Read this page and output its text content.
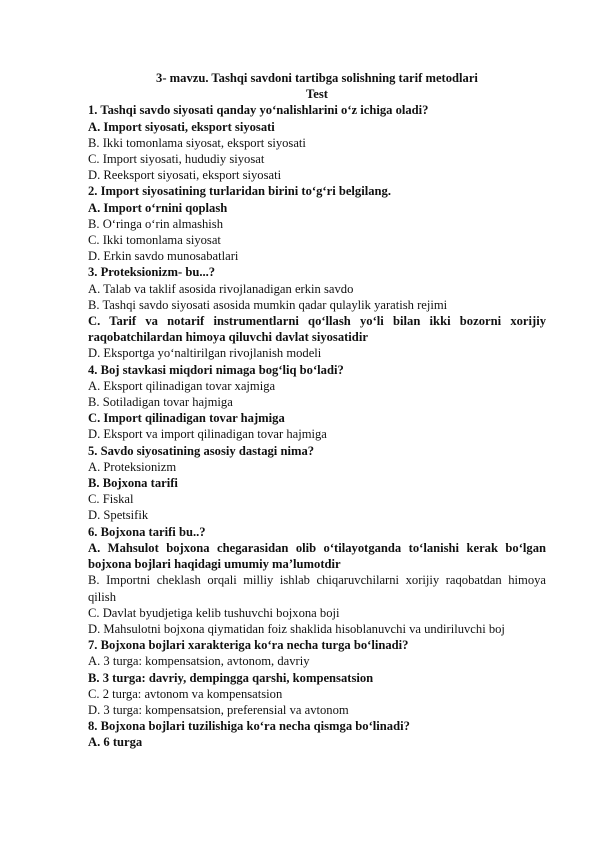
3- mavzu. Tashqi savdoni tartibga solishning tarif metodlari
Test
1. Tashqi savdo siyosati qanday yo‘nalishlarini o‘z ichiga oladi?
A. Import siyosati, eksport siyosati
B. Ikki tomonlama siyosat, eksport siyosati
C. Import siyosati, hududiy siyosat
D. Reeksport siyosati, eksport siyosati
2. Import siyosatining turlaridan birini to‘g‘ri belgilang.
A. Import o‘rnini qoplash
B. O‘ringa o‘rin almashish
C. Ikki tomonlama siyosat
D. Erkin savdo munosabatlari
3. Proteksionizm- bu...?
A. Talab va taklif asosida rivojlanadigan erkin savdo
B. Tashqi savdo siyosati asosida mumkin qadar qulaylik yaratish rejimi
C. Tarif va notarif instrumentlarni qo‘llash yo‘li bilan ikki bozorni xorijiy raqobatchilardan himoya qiluvchi davlat siyosatidir
D. Eksportga yo‘naltirilgan rivojlanish modeli
4. Boj stavkasi miqdori nimaga bog‘liq bo‘ladi?
A. Eksport qilinadigan tovar xajmiga
B. Sotiladigan tovar hajmiga
C. Import qilinadigan tovar hajmiga
D. Eksport va import qilinadigan tovar hajmiga
5. Savdo siyosatining asosiy dastagi nima?
A. Proteksionizm
B. Bojxona tarifi
C. Fiskal
D. Spetsifik
6. Bojxona tarifi bu..?
A. Mahsulot bojxona chegarasidan olib o‘tilayotganda to‘lanishi kerak bo‘lgan bojxona bojlari haqidagi umumiy ma’lumotdir
B. Importni cheklash orqali milliy ishlab chiqaruvchilarni xorijiy raqobatdan himoya qilish
C. Davlat byudjetiga kelib tushuvchi bojxona boji
D. Mahsulotni bojxona qiymatidan foiz shaklida hisoblanuvchi va undiriluvchi boj
7. Bojxona bojlari xarakteriga ko‘ra necha turga bo‘linadi?
A. 3 turga: kompensatsion, avtonom, davriy
B. 3 turga: davriy, dempingga qarshi, kompensatsion
C. 2 turga: avtonom va kompensatsion
D. 3 turga: kompensatsion, preferensial va avtonom
8. Bojxona bojlari tuzilishiga ko‘ra necha qismga bo‘linadi?
A. 6 turga
